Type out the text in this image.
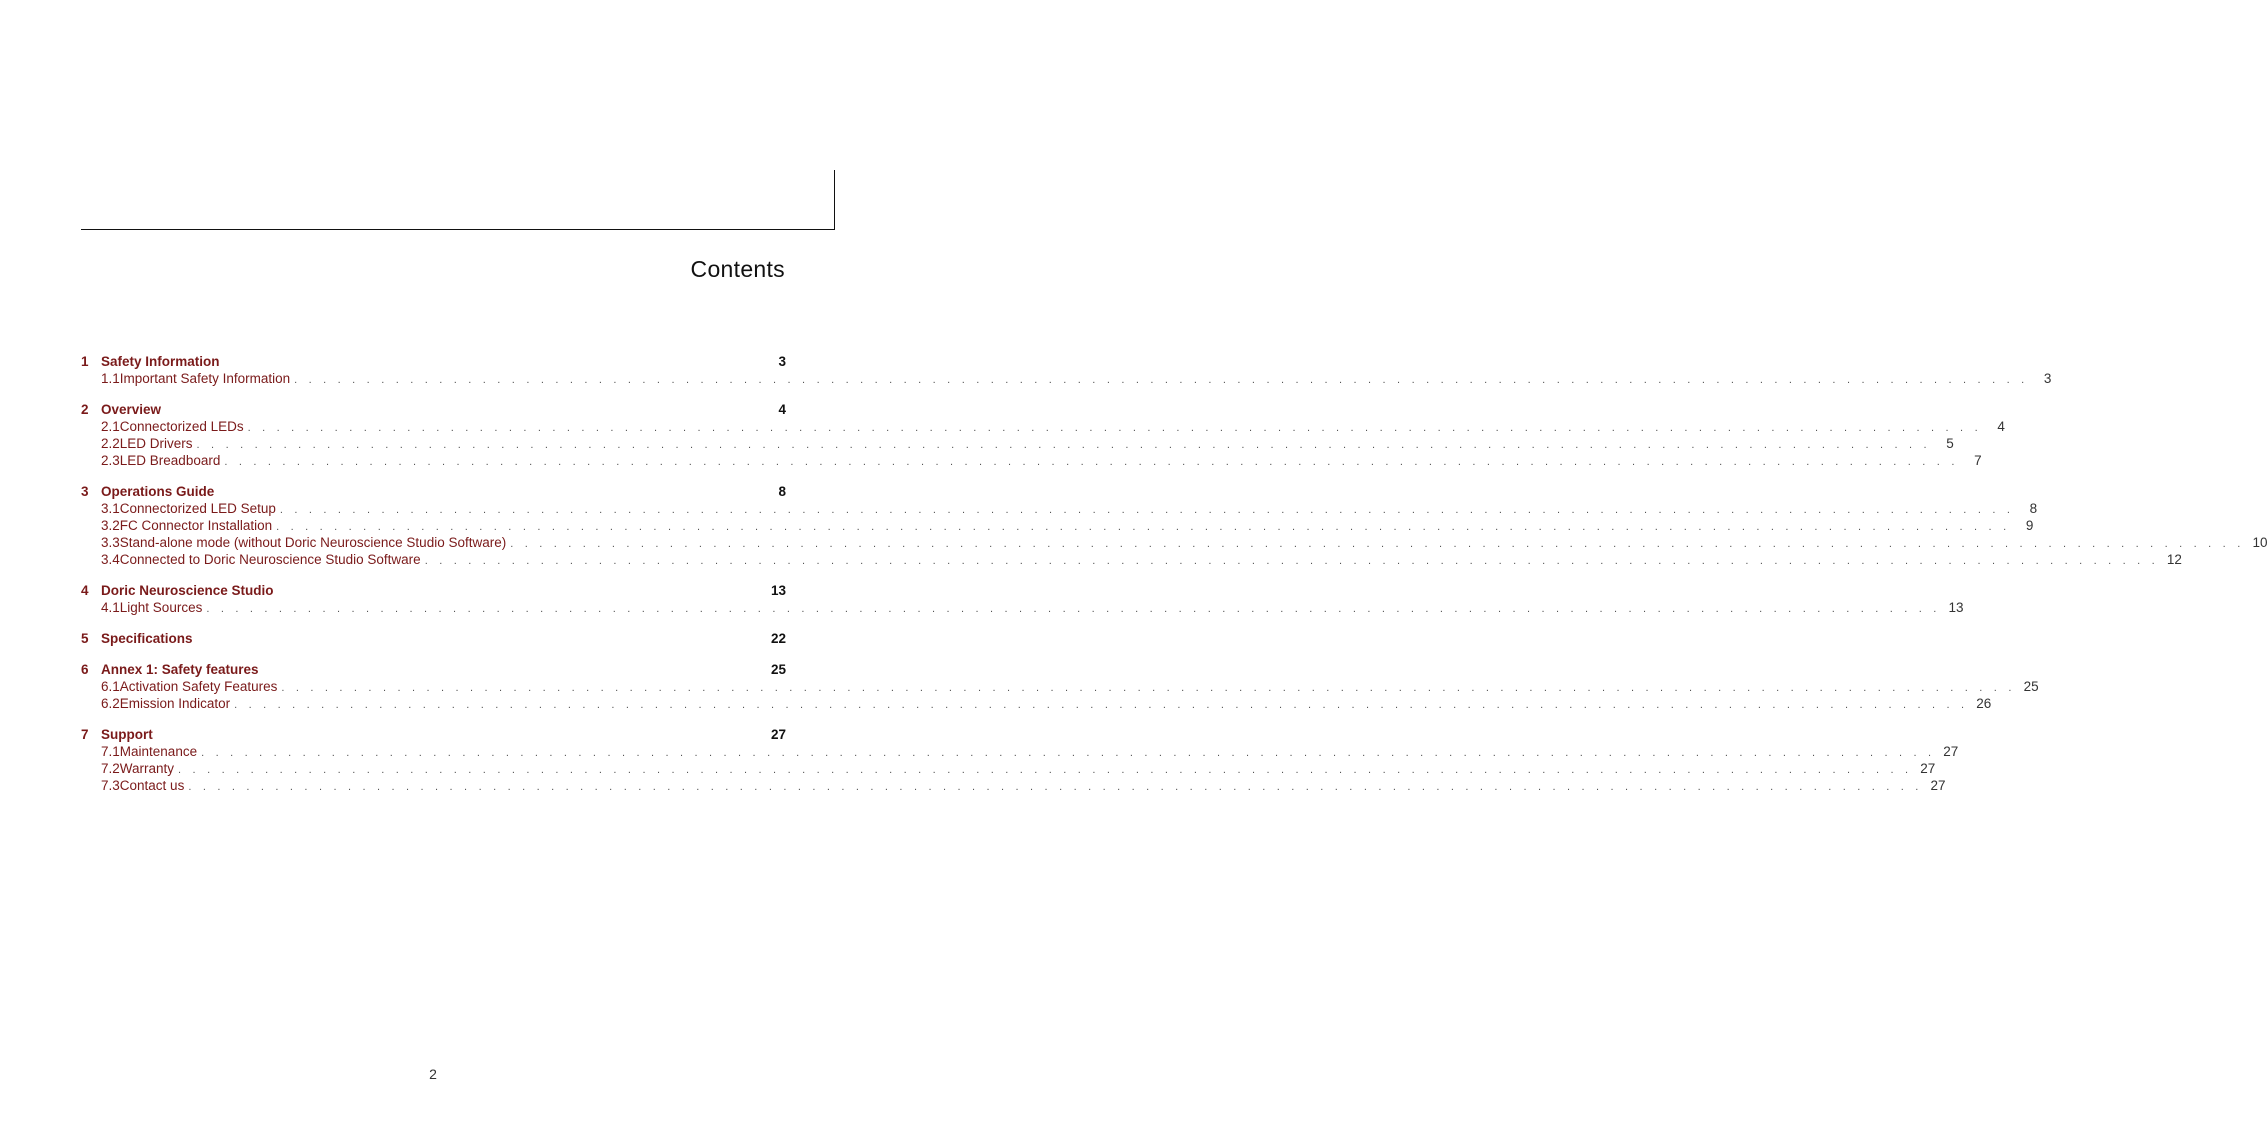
Contents
1 Safety Information	3
1.1 Important Safety Information . . . . . . . . . . . . . . . . . . . . . . . . . . . . . . . . . . . . . . . . . . . . . . . . . . . . . . . . . . . . . . . . . . . . . . . . . . . . . . . . . . . . . . . . . . . . . . . . . . . . . . . . . . . . . . . . . . . . . . . .	3
2 Overview	4
2.1 Connectorized LEDs . . . . . . . . . . . . . . . . . . . . . . . . . . . . . . . . . . . . . . . . . . . . . . . . . . . . . . . . . . . . . . . . . . . . . . . . . . . . . . . . . . . . . . . . . . . . . . . . . . . . . . . . . . . . . . . . . . . . . . . .	4
2.2 LED Drivers . . . . . . . . . . . . . . . . . . . . . . . . . . . . . . . . . . . . . . . . . . . . . . . . . . . . . . . . . . . . . . . . . . . . . . . . . . . . . . . . . . . . . . . . . . . . . . . . . . . . . . . . . . . . . . . . . . . . . . . .	5
2.3 LED Breadboard . . . . . . . . . . . . . . . . . . . . . . . . . . . . . . . . . . . . . . . . . . . . . . . . . . . . . . . . . . . . . . . . . . . . . . . . . . . . . . . . . . . . . . . . . . . . . . . . . . . . . . . . . . . . . . . . . . . . . . . .	7
3 Operations Guide	8
3.1 Connectorized LED Setup . . . . . . . . . . . . . . . . . . . . . . . . . . . . . . . . . . . . . . . . . . . . . . . . . . . . . . . . . . . . . . . . . . . . . . . . . . . . . . . . . . . . . . . . . . . . . . . . . . . . . . . . . . . . . . . . . . . . . . . .	8
3.2 FC Connector Installation . . . . . . . . . . . . . . . . . . . . . . . . . . . . . . . . . . . . . . . . . . . . . . . . . . . . . . . . . . . . . . . . . . . . . . . . . . . . . . . . . . . . . . . . . . . . . . . . . . . . . . . . . . . . . . . . . . . . . . . .	9
3.3 Stand-alone mode (without Doric Neuroscience Studio Software) . . . . . . . . . . . . . . . . . . . . . . . . . . . . . . . . . . . . . . . . . . . . . . . . . . . . . . . . . . . . . . . . . . . . . . . . . . . . . . . . . . . . . . . . . . . . . . . . . . . . . . . . . . . . . . . . . . . . . . . . 10
3.4 Connected to Doric Neuroscience Studio Software . . . . . . . . . . . . . . . . . . . . . . . . . . . . . . . . . . . . . . . . . . . . . . . . . . . . . . . . . . . . . . . . . . . . . . . . . . . . . . . . . . . . . . . . . . . . . . . . . . . . . . . . . . . . . . . . . . . . . . . . 12
4 Doric Neuroscience Studio	13
4.1 Light Sources . . . . . . . . . . . . . . . . . . . . . . . . . . . . . . . . . . . . . . . . . . . . . . . . . . . . . . . . . . . . . . . . . . . . . . . . . . . . . . . . . . . . . . . . . . . . . . . . . . . . . . . . . . . . . . . . . . . . . . . . 13
5 Specifications	22
6 Annex 1: Safety features	25
6.1 Activation Safety Features . . . . . . . . . . . . . . . . . . . . . . . . . . . . . . . . . . . . . . . . . . . . . . . . . . . . . . . . . . . . . . . . . . . . . . . . . . . . . . . . . . . . . . . . . . . . . . . . . . . . . . . . . . . . . . . . . . . . . . . . 25
6.2 Emission Indicator . . . . . . . . . . . . . . . . . . . . . . . . . . . . . . . . . . . . . . . . . . . . . . . . . . . . . . . . . . . . . . . . . . . . . . . . . . . . . . . . . . . . . . . . . . . . . . . . . . . . . . . . . . . . . . . . . . . . . . . . 26
7 Support	27
7.1 Maintenance . . . . . . . . . . . . . . . . . . . . . . . . . . . . . . . . . . . . . . . . . . . . . . . . . . . . . . . . . . . . . . . . . . . . . . . . . . . . . . . . . . . . . . . . . . . . . . . . . . . . . . . . . . . . . . . . . . . . . . . . 27
7.2 Warranty . . . . . . . . . . . . . . . . . . . . . . . . . . . . . . . . . . . . . . . . . . . . . . . . . . . . . . . . . . . . . . . . . . . . . . . . . . . . . . . . . . . . . . . . . . . . . . . . . . . . . . . . . . . . . . . . . . . . . . . . 27
7.3 Contact us . . . . . . . . . . . . . . . . . . . . . . . . . . . . . . . . . . . . . . . . . . . . . . . . . . . . . . . . . . . . . . . . . . . . . . . . . . . . . . . . . . . . . . . . . . . . . . . . . . . . . . . . . . . . . . . . . . . . . . . . 27
2
